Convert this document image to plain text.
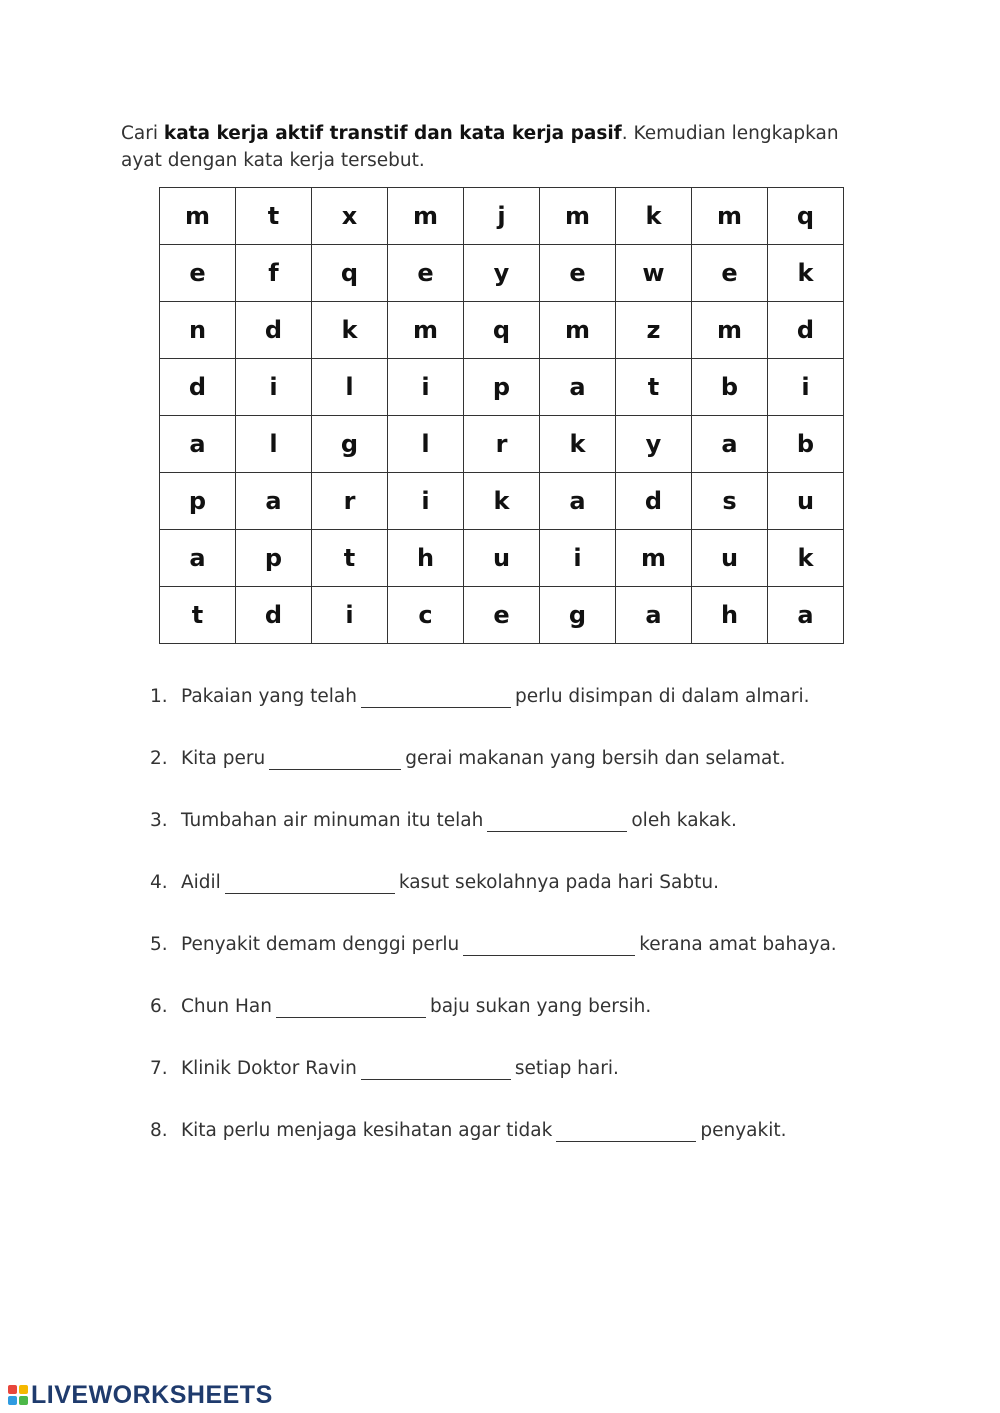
Cari kata kerja aktif transtif dan kata kerja pasif. Kemudian lengkapkan ayat dengan kata kerja tersebut.
m	t	x	m	j	m	k	m	q
e	f	q	e	y	e	w	e	k
n	d	k	m	q	m	z	m	d
d	i	l	i	p	a	t	b	i
a	l	g	l	r	k	y	a	b
p	a	r	i	k	a	d	s	u
a	p	t	h	u	i	m	u	k
t	d	i	c	e	g	a	h	a
1. Pakaian yang telah	perlu disimpan di dalam almari.
2. Kita peru	gerai makanan yang bersih dan selamat.
3. Tumbahan air minuman itu telah	oleh kakak.
4. Aidil	kasut sekolahnya pada hari Sabtu.
5. Penyakit demam denggi perlu	kerana amat bahaya.
6. Chun Han	baju sukan yang bersih.
7. Klinik Doktor Ravin	setiap hari.
8. Kita perlu menjaga kesihatan agar tidak	penyakit.
LIVEWORKSHEETS
